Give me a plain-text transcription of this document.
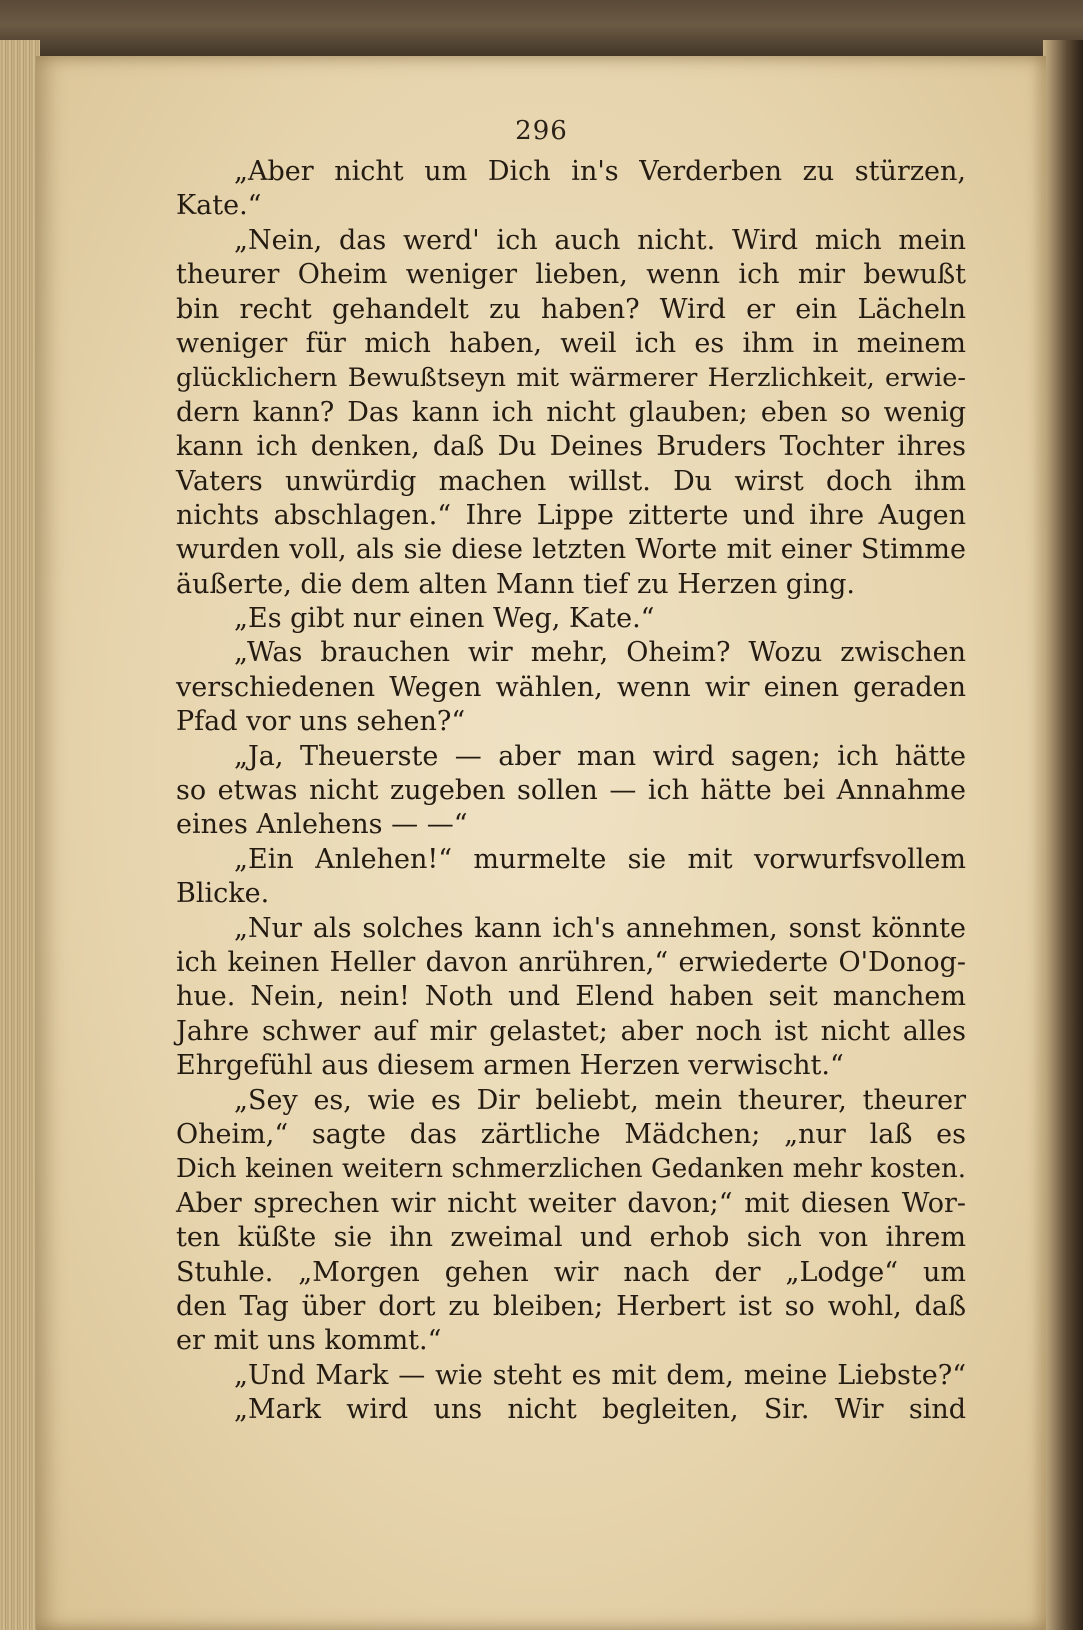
296
„Aber nicht um Dich in's Verderben zu stürzen,
Kate.“
„Nein, das werd' ich auch nicht. Wird mich mein
theurer Oheim weniger lieben, wenn ich mir bewußt
bin recht gehandelt zu haben? Wird er ein Lächeln
weniger für mich haben, weil ich es ihm in meinem
glücklichern Bewußtseyn mit wärmerer Herzlichkeit, erwie-
dern kann? Das kann ich nicht glauben; eben so wenig
kann ich denken, daß Du Deines Bruders Tochter ihres
Vaters unwürdig machen willst. Du wirst doch ihm
nichts abschlagen.“ Ihre Lippe zitterte und ihre Augen
wurden voll, als sie diese letzten Worte mit einer Stimme
äußerte, die dem alten Mann tief zu Herzen ging.
„Es gibt nur einen Weg, Kate.“
„Was brauchen wir mehr, Oheim? Wozu zwischen
verschiedenen Wegen wählen, wenn wir einen geraden
Pfad vor uns sehen?“
„Ja, Theuerste — aber man wird sagen; ich hätte
so etwas nicht zugeben sollen — ich hätte bei Annahme
eines Anlehens — —“
„Ein Anlehen!“ murmelte sie mit vorwurfsvollem
Blicke.
„Nur als solches kann ich's annehmen, sonst könnte
ich keinen Heller davon anrühren,“ erwiederte O'Donog-
hue. Nein, nein! Noth und Elend haben seit manchem
Jahre schwer auf mir gelastet; aber noch ist nicht alles
Ehrgefühl aus diesem armen Herzen verwischt.“
„Sey es, wie es Dir beliebt, mein theurer, theurer
Oheim,“ sagte das zärtliche Mädchen; „nur laß es
Dich keinen weitern schmerzlichen Gedanken mehr kosten.
Aber sprechen wir nicht weiter davon;“ mit diesen Wor-
ten küßte sie ihn zweimal und erhob sich von ihrem
Stuhle. „Morgen gehen wir nach der „Lodge“ um
den Tag über dort zu bleiben; Herbert ist so wohl, daß
er mit uns kommt.“
„Und Mark — wie steht es mit dem, meine Liebste?“
„Mark wird uns nicht begleiten, Sir. Wir sind
